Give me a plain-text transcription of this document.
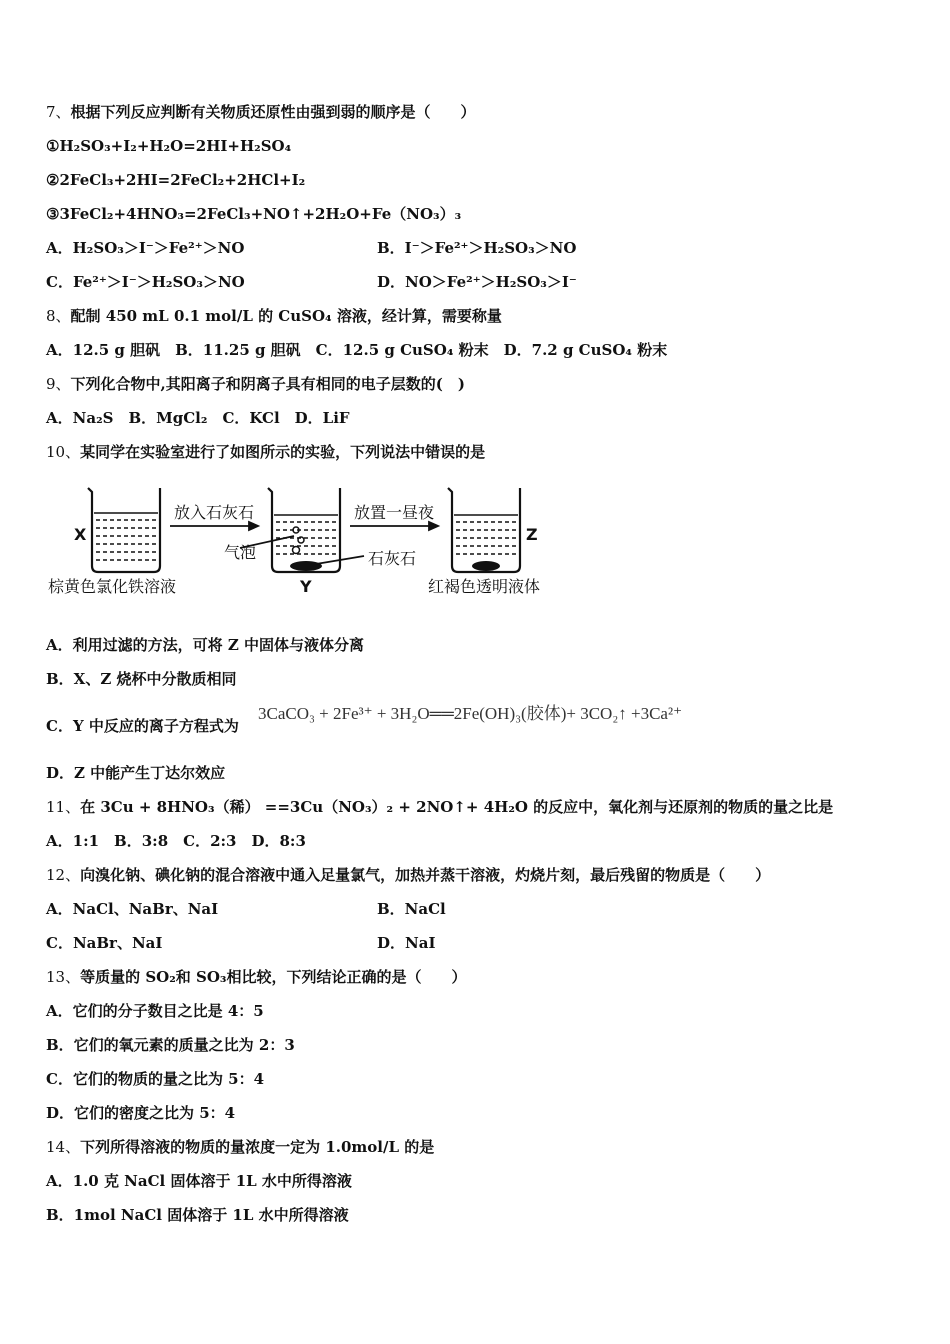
7、根据下列反应判断有关物质还原性由强到弱的顺序是（　　）
①H₂SO₃+I₂+H₂O=2HI+H₂SO₄
②2FeCl₃+2HI=2FeCl₂+2HCl+I₂
③3FeCl₂+4HNO₃=2FeCl₃+NO↑+2H₂O+Fe（NO₃）₃
A．H₂SO₃＞I⁻＞Fe²⁺＞NO	B．I⁻＞Fe²⁺＞H₂SO₃＞NO
C．Fe²⁺＞I⁻＞H₂SO₃＞NO	D．NO＞Fe²⁺＞H₂SO₃＞I⁻
8、配制 450 mL 0.1 mol/L 的 CuSO₄ 溶液，经计算，需要称量
A．12.5 g 胆矾　B．11.25 g 胆矾　C．12.5 g CuSO₄ 粉末　D．7.2 g CuSO₄ 粉末
9、下列化合物中,其阳离子和阴离子具有相同的电子层数的(　)
A．Na₂S　B．MgCl₂　C．KCl　D．LiF
10、某同学在实验室进行了如图所示的实验，下列说法中错误的是
X
Y
Z
放入石灰石	放置一昼夜
气泡	石灰石
棕黄色氯化铁溶液	红褐色透明液体
A．利用过滤的方法，可将 Z 中固体与液体分离
B．X、Z 烧杯中分散质相同
C．Y 中反应的离子方程式为
3CaCO₃ + 2Fe³⁺ + 3H₂O══2Fe(OH)₃(胶体)+ 3CO₂↑ +3Ca²⁺
D．Z 中能产生丁达尔效应
11、在 3Cu + 8HNO₃（稀） ==3Cu（NO₃）₂ + 2NO↑+ 4H₂O 的反应中，氧化剂与还原剂的物质的量之比是
A．1:1　B．3:8　C．2:3　D．8:3
12、向溴化钠、碘化钠的混合溶液中通入足量氯气，加热并蒸干溶液，灼烧片刻，最后残留的物质是（　　）
A．NaCl、NaBr、NaI	B．NaCl
C．NaBr、NaI	D．NaI
13、等质量的 SO₂和 SO₃相比较，下列结论正确的是（　　）
A．它们的分子数目之比是 4：5
B．它们的氧元素的质量之比为 2：3
C．它们的物质的量之比为 5：4
D．它们的密度之比为 5：4
14、下列所得溶液的物质的量浓度一定为 1.0mol/L 的是
A．1.0 克 NaCl 固体溶于 1L 水中所得溶液
B．1mol NaCl 固体溶于 1L 水中所得溶液
